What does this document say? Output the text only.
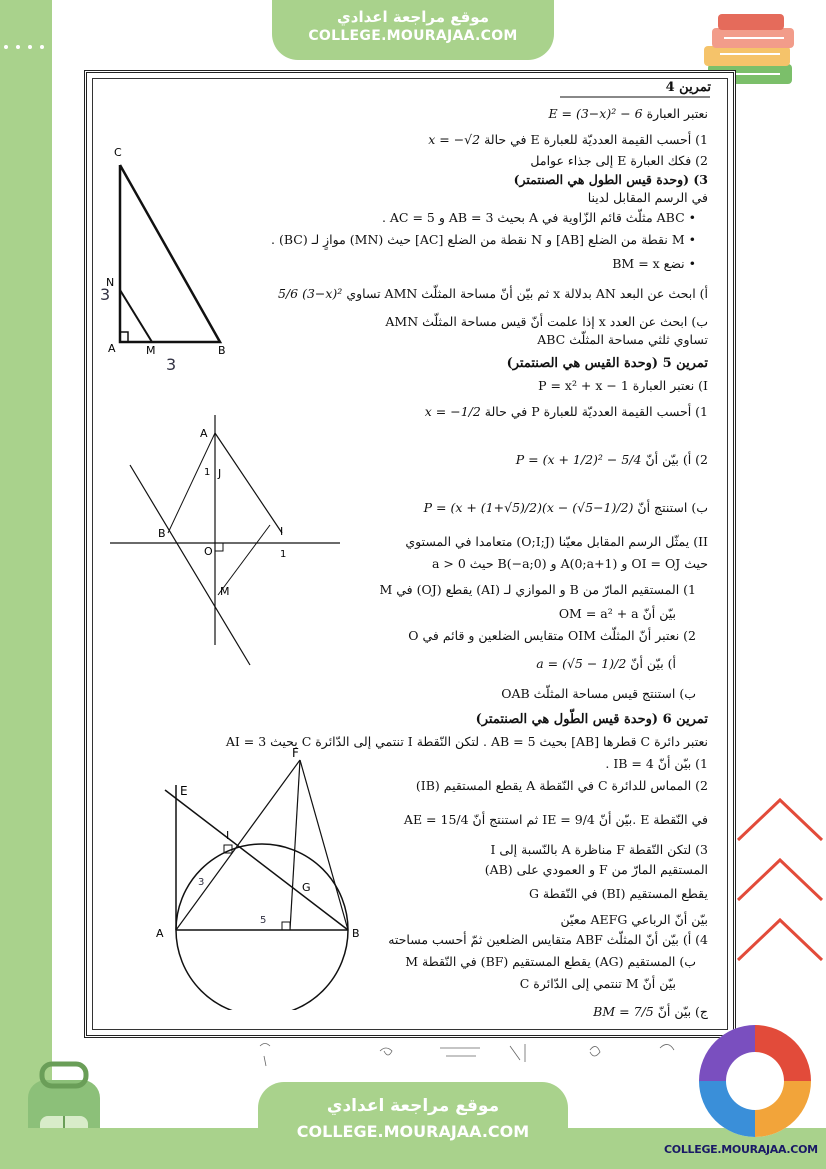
موقع مراجعة اعدادي
COLLEGE.MOURAJAA.COM
تمرين 4
نعتبر العبارة E = (3−x)² − 6
1) أحسب القيمة العدديّة للعبارة E في حالة x = −√2
2) فكك العبارة E إلى جذاء عوامل
3) (وحدة قيس الطول هي الصنتمتر)
في الرسم المقابل لدينا
• ABC مثلّث قائم الزّاوية في A بحيث AB = 3 و AC = 5 .
• M نقطة من الضلع [AB] و N نقطة من الضلع [AC] حيث (MN) موازٍ لـ (BC) .
• نضع BM = x
أ) ابحث عن البعد AN بدلالة x ثم بيّن أنّ مساحة المثلّث AMN تساوي 5/6 (3−x)²
ب) ابحث عن العدد x إذا علمت أنّ قيس مساحة المثلّث AMN
تساوي ثلثي مساحة المثلّث ABC
C
N
A	M	B
3
3	تمرين 5 (وحدة القيس هي الصنتمتر)
I) نعتبر العبارة P = x² + x − 1
1) أحسب القيمة العدديّة للعبارة P في حالة x = −1/2
2) أ) بيّن أنّ P = (x + 1/2)² − 5/4
ب) استنتج أنّ P = (x + (1+√5)/2)(x − (√5−1)/2)
II) يمثّل الرسم المقابل معيّنا (O;I;J) متعامدا في المستوي
حيث OI = OJ و A(0;a+1) و B(−a;0) حيث a > 0
1) المستقيم المارّ من B و الموازي لـ (AI) يقطع (OJ) في M
بيّن أنّ OM = a² + a
2) نعتبر أنّ المثلّث OIM متقايس الضلعين و قائم في O
أ) بيّن أنّ a = (√5 − 1)/2
ب) استنتج قيس مساحة المثلّث OAB
A
J
1
B
O
I
1
M
تمرين 6 (وحدة قيس الطّول هي الصنتمتر)
نعتبر دائرة C قطرها [AB] بحيث AB = 5 . لتكن النّقطة I تنتمي إلى الدّائرة C بحيث AI = 3
1) بيّن أنّ IB = 4 .
2) المماس للدائرة C في النّقطة A يقطع المستقيم (IB)
في النّقطة E .بيّن أنّ IE = 9/4 ثم استنتج أنّ AE = 15/4
3) لتكن النّقطة F مناظرة A بالنّسبة إلى I
المستقيم المارّ من F و العمودي على (AB)
يقطع المستقيم (BI) في النّقطة G
بيّن أنّ الرباعي AEFG معيّن
4) أ) بيّن أنّ المثلّث ABF متقايس الضلعين ثمّ أحسب مساحته
ب) المستقيم (AG) يقطع المستقيم (BF) في النّقطة M
بيّن أنّ M تنتمي إلى الدّائرة C
ج) بيّن أنّ BM = 7/5
F
E
I
G
A	B
3
5
موقع مراجعة اعدادي
COLLEGE.MOURAJAA.COM
COLLEGE.MOURAJAA.COM
